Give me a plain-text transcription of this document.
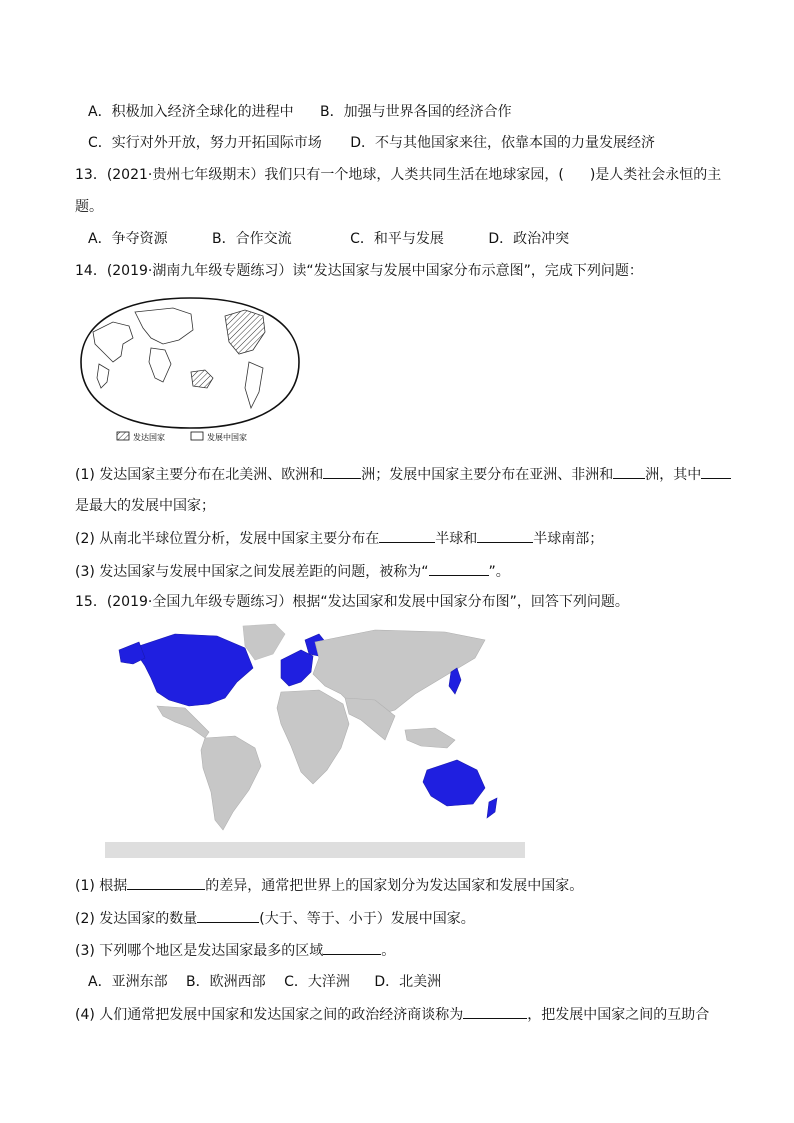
A．积极加入经济全球化的进程中 B．加强与世界各国的经济合作
C．实行对外开放，努力开拓国际市场 D．不与其他国家来往，依靠本国的力量发展经济
13．(2021·贵州七年级期末）我们只有一个地球，人类共同生活在地球家园，( )是人类社会永恒的主
题。
A．争夺资源	B．合作交流	C．和平与发展	D．政治冲突
14．(2019·湖南九年级专题练习）读“发达国家与发展中国家分布示意图”，完成下列问题：
发达国家	发展中国家
(1) 发达国家主要分布在北美洲、欧洲和	洲；发展中国家主要分布在亚洲、非洲和 洲，其中
是最大的发展中国家；
(2) 从南北半球位置分析，发展中国家主要分布在	半球和	半球南部；
(3) 发达国家与发展中国家之间发展差距的问题，被称为“	”。
15．(2019·全国九年级专题练习）根据“发达国家和发展中国家分布图”，回答下列问题。
(1) 根据	的差异，通常把世界上的国家划分为发达国家和发展中国家。
(2) 发达国家的数量	(大于、等于、小于）发展中国家。
(3) 下列哪个地区是发达国家最多的区域	。
A．亚洲东部 B．欧洲西部 C．大洋洲 D．北美洲
(4) 人们通常把发展中国家和发达国家之间的政治经济商谈称为	，把发展中国家之间的互助合
